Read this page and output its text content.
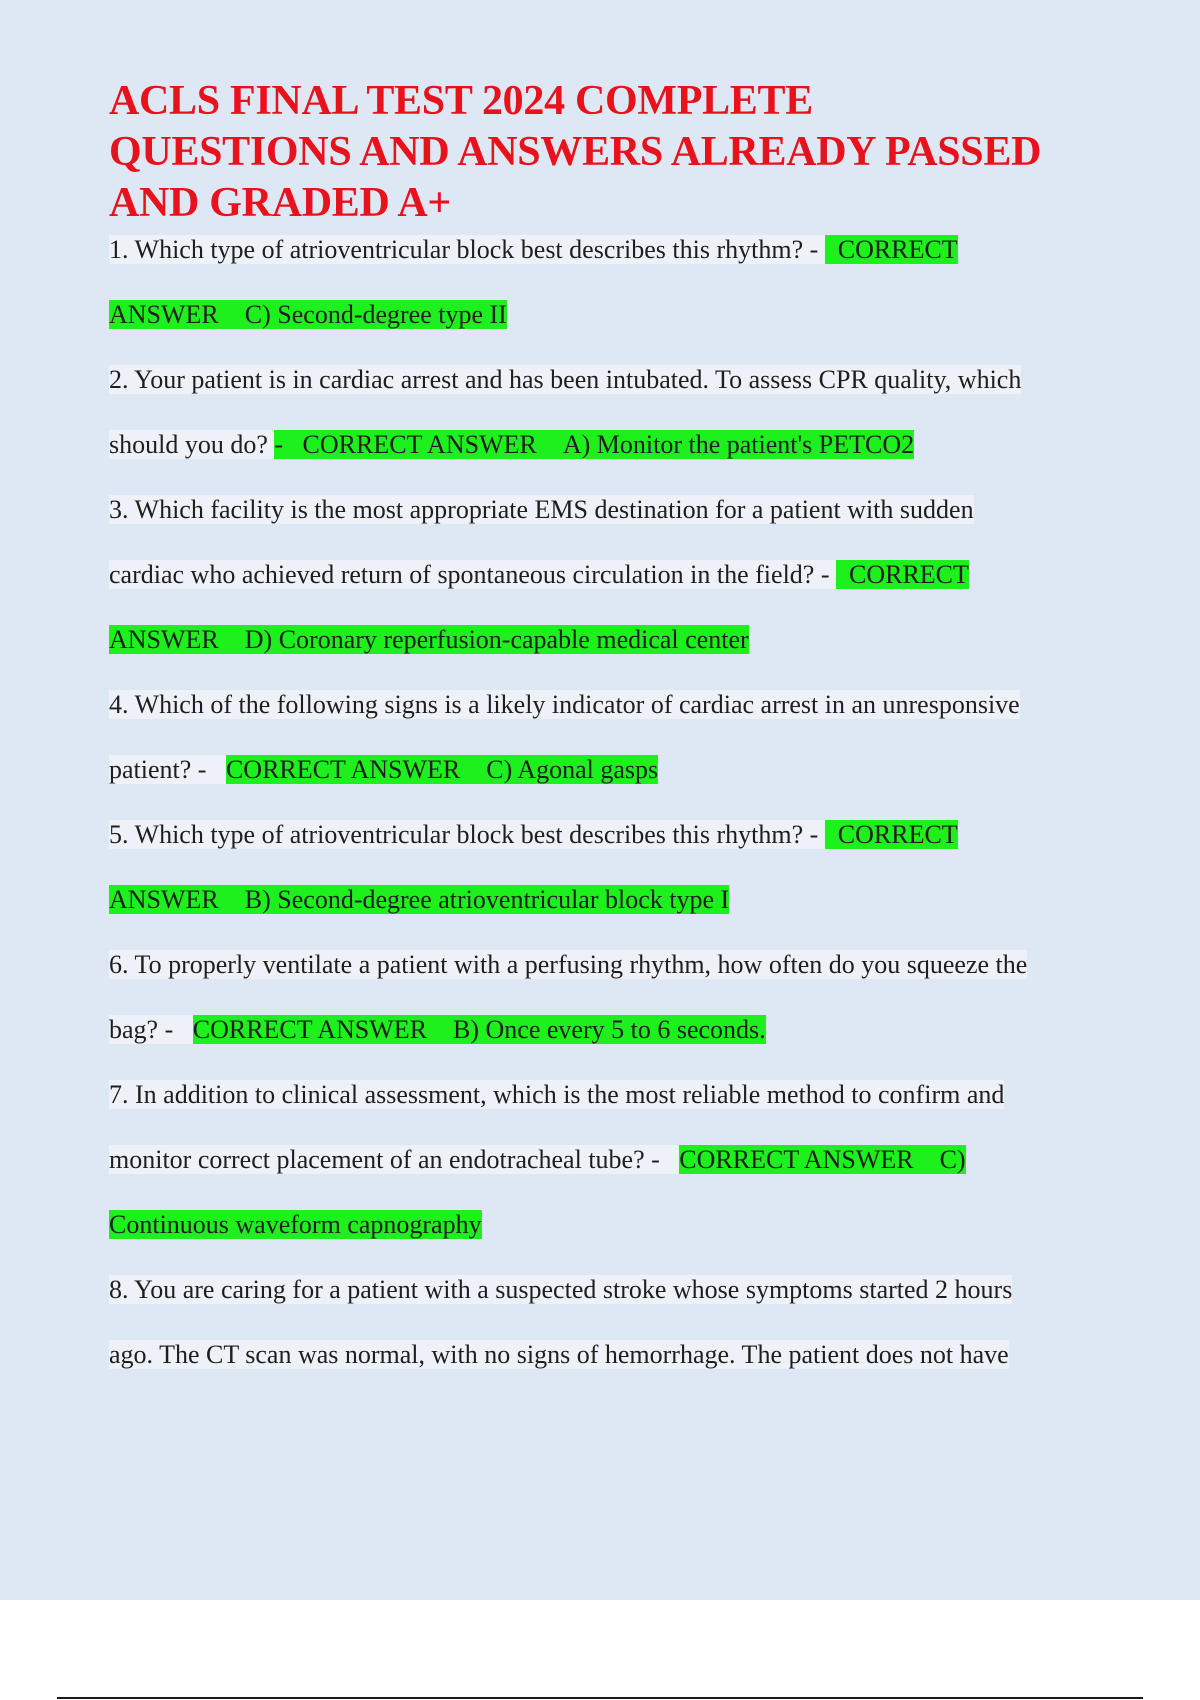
ACLS FINAL TEST 2024 COMPLETE
QUESTIONS AND ANSWERS ALREADY PASSED
AND GRADED A+
1. Which type of atrioventricular block best describes this rhythm? -   CORRECT
ANSWER    C) Second-degree type II
2. Your patient is in cardiac arrest and has been intubated. To assess CPR quality, which
should you do? -   CORRECT ANSWER    A) Monitor the patient's PETCO2
3. Which facility is the most appropriate EMS destination for a patient with sudden
cardiac who achieved return of spontaneous circulation in the field? -   CORRECT
ANSWER    D) Coronary reperfusion-capable medical center
4. Which of the following signs is a likely indicator of cardiac arrest in an unresponsive
patient? -   CORRECT ANSWER    C) Agonal gasps
5. Which type of atrioventricular block best describes this rhythm? -   CORRECT
ANSWER    B) Second-degree atrioventricular block type I
6. To properly ventilate a patient with a perfusing rhythm, how often do you squeeze the
bag? -   CORRECT ANSWER    B) Once every 5 to 6 seconds.
7. In addition to clinical assessment, which is the most reliable method to confirm and
monitor correct placement of an endotracheal tube? -   CORRECT ANSWER    C)
Continuous waveform capnography
8. You are caring for a patient with a suspected stroke whose symptoms started 2 hours
ago. The CT scan was normal, with no signs of hemorrhage. The patient does not have
